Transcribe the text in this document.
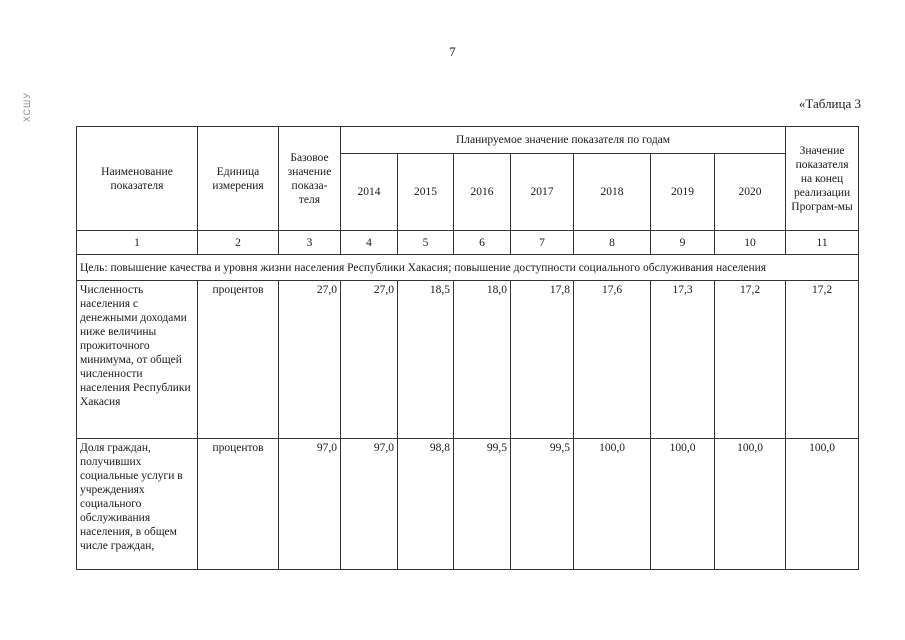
7
ХСШУ	«Таблица 3
Наименование показателя	Единица измерения	Базовое значение показа-теля	Планируемое значение показателя по годам							Значение показателя на конец реализации Програм-мы
			2014	2015	2016	2017	2018	2019	2020	
1	2	3	4	5	6	7	8	9	10	11
Цель: повышение качества и уровня жизни населения Республики Хакасия; повышение доступности социального обслуживания населения										
Численность населения с денежными доходами ниже величины прожиточного минимума, от общей численности населения Республики Хакасия	процентов	27,0	27,0	18,5	18,0	17,8	17,6	17,3	17,2	17,2
Доля граждан, получивших социальные услуги в учреждениях социального обслуживания населения, в общем числе граждан,	процентов	97,0	97,0	98,8	99,5	99,5	100,0	100,0	100,0	100,0
